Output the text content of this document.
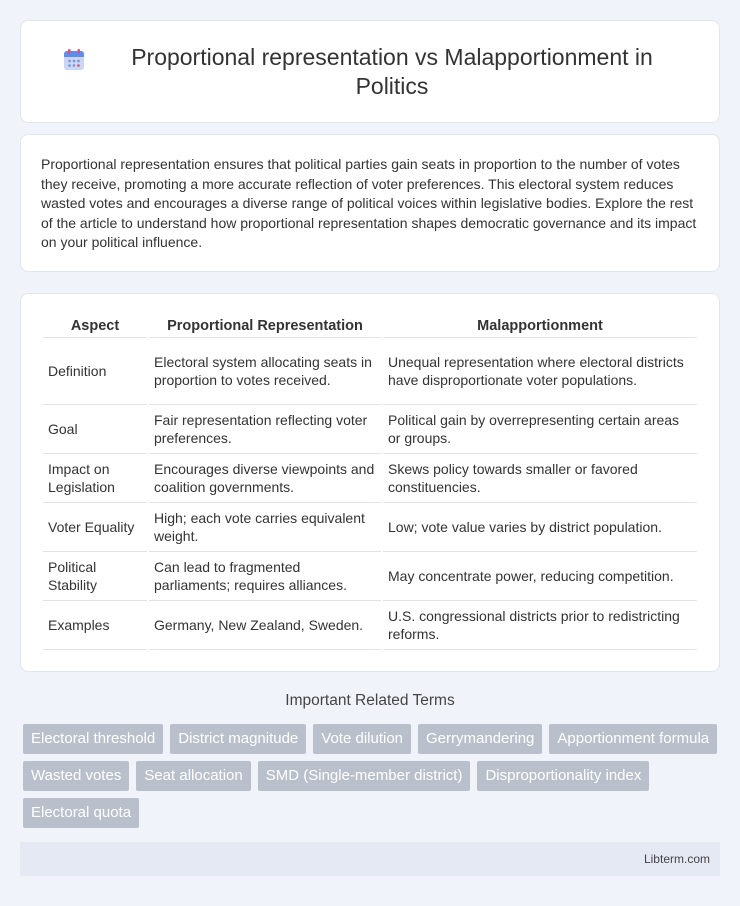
Proportional representation vs Malapportionment in Politics

Proportional representation ensures that political parties gain seats in proportion to the number of votes they receive, promoting a more accurate reflection of voter preferences. This electoral system reduces wasted votes and encourages a diverse range of political voices within legislative bodies. Explore the rest of the article to understand how proportional representation shapes democratic governance and its impact on your political influence.

Aspect	Proportional Representation	Malapportionment
Definition	Electoral system allocating seats in proportion to votes received.	Unequal representation where electoral districts have disproportionate voter populations.
Goal	Fair representation reflecting voter preferences.	Political gain by overrepresenting certain areas or groups.
Impact on Legislation	Encourages diverse viewpoints and coalition governments.	Skews policy towards smaller or favored constituencies.
Voter Equality	High; each vote carries equivalent weight.	Low; vote value varies by district population.
Political Stability	Can lead to fragmented parliaments; requires alliances.	May concentrate power, reducing competition.
Examples	Germany, New Zealand, Sweden.	U.S. congressional districts prior to redistricting reforms.
Important Related Terms
Electoral threshold	District magnitude	Vote dilution	Gerrymandering	Apportionment formula
Wasted votes	Seat allocation	SMD (Single-member district)	Disproportionality index
Electoral quota
Libterm.com
